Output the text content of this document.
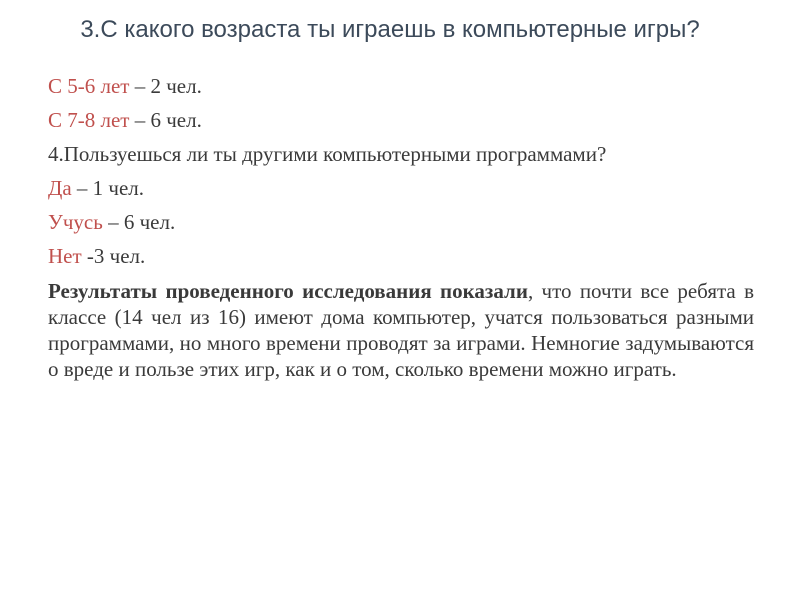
3.С какого возраста ты играешь в компьютерные игры?
С 5-6 лет – 2 чел.
С 7-8 лет – 6 чел.
4.Пользуешься ли ты другими компьютерными программами?
Да – 1 чел.
Учусь – 6 чел.
Нет -3 чел.
Результаты проведенного исследования показали, что почти все ребята в классе (14 чел из 16) имеют дома компьютер, учатся пользоваться разными программами, но много времени проводят за играми. Немногие задумываются о вреде и пользе этих игр, как и о том, сколько времени можно играть.
